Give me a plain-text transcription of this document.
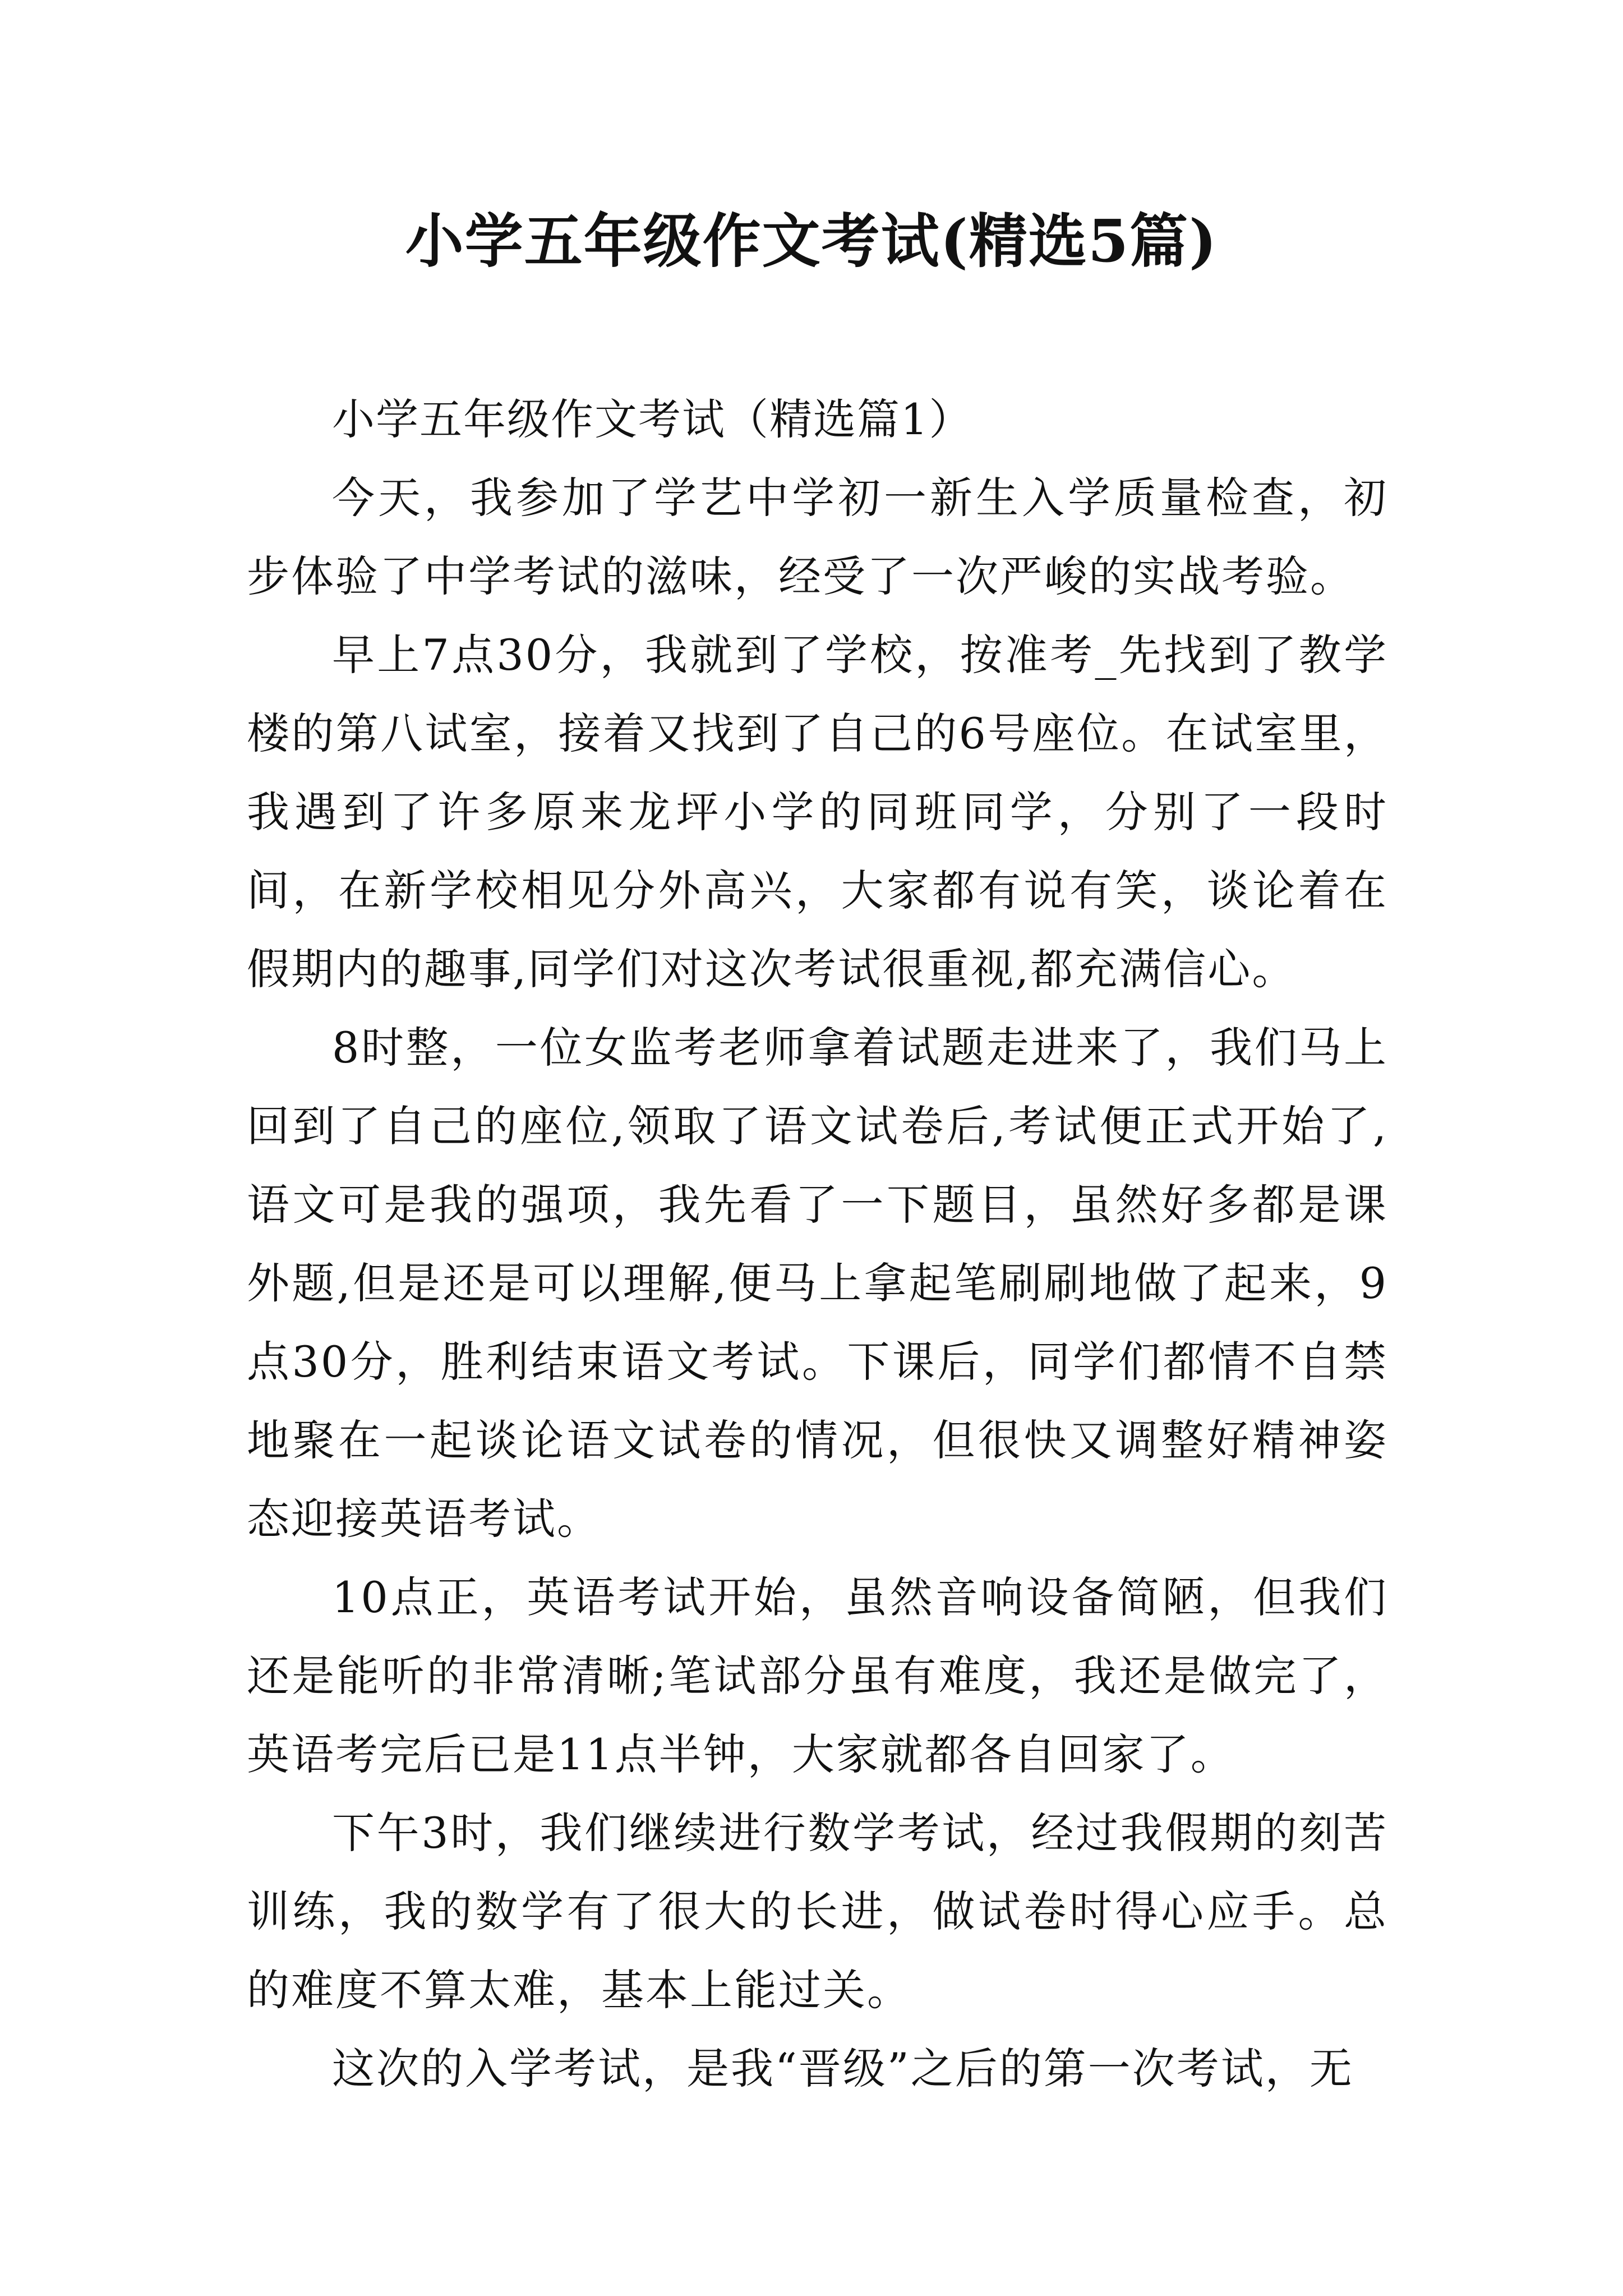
小学五年级作文考试(精选5篇)

小学五年级作文考试（精选篇1）

今天，我参加了学艺中学初一新生入学质量检查，初步体验了中学考试的滋味，经受了一次严峻的实战考验。

早上7点30分，我就到了学校，按准考_先找到了教学楼的第八试室，接着又找到了自己的6号座位。在试室里，我遇到了许多原来龙坪小学的同班同学，分别了一段时间，在新学校相见分外高兴，大家都有说有笑，谈论着在假期内的趣事,同学们对这次考试很重视,都充满信心。

8时整，一位女监考老师拿着试题走进来了，我们马上回到了自己的座位,领取了语文试卷后,考试便正式开始了,语文可是我的强项，我先看了一下题目，虽然好多都是课外题,但是还是可以理解,便马上拿起笔刷刷地做了起来，9点30分，胜利结束语文考试。下课后，同学们都情不自禁地聚在一起谈论语文试卷的情况，但很快又调整好精神姿态迎接英语考试。

10点正，英语考试开始，虽然音响设备简陋，但我们还是能听的非常清晰;笔试部分虽有难度，我还是做完了，英语考完后已是11点半钟，大家就都各自回家了。

下午3时，我们继续进行数学考试，经过我假期的刻苦训练，我的数学有了很大的长进，做试卷时得心应手。总的难度不算太难，基本上能过关。

这次的入学考试，是我“晋级”之后的第一次考试，无
